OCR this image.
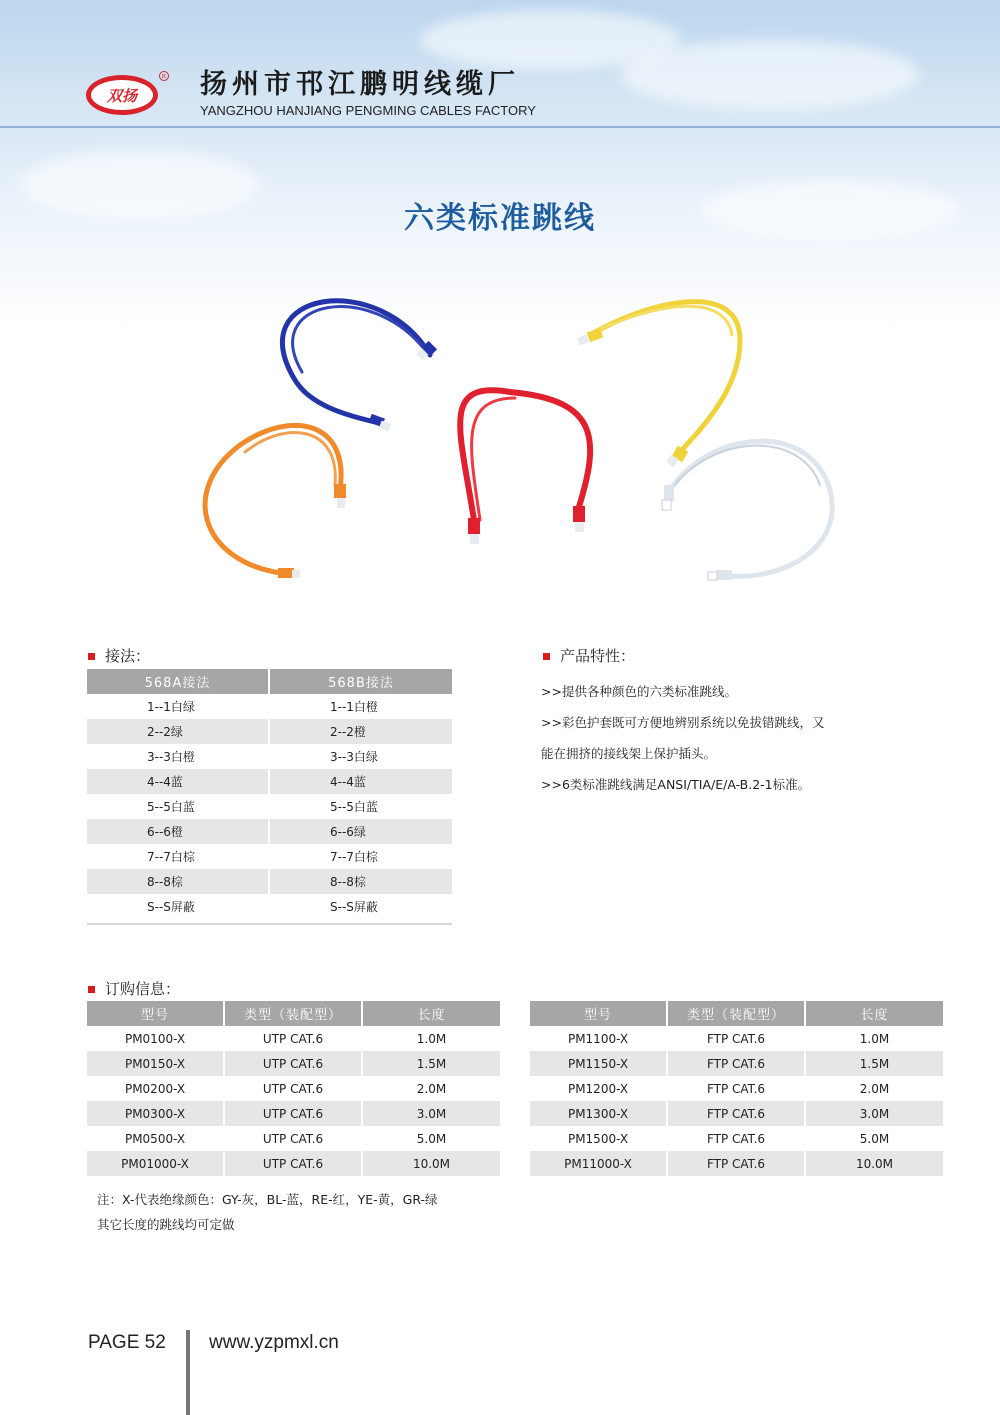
双扬
R 扬州市邗江鹏明线缆厂
YANGZHOU HANJIANG PENGMING CABLES FACTORY
六类标准跳线
接法：
568A接法	568B接法
1--1白绿	1--1白橙
2--2绿	2--2橙
3--3白橙	3--3白绿
4--4蓝	4--4蓝
5--5白蓝	5--5白蓝
6--6橙	6--6绿
7--7白棕	7--7白棕
8--8棕	8--8棕
S--S屏蔽	S--S屏蔽
产品特性：

>>提供各种颜色的六类标准跳线。

>>彩色护套既可方便地辨别系统以免拔错跳线，又

能在拥挤的接线架上保护插头。

>>6类标准跳线满足ANSI/TIA/E/A-B.2-1标准。

订购信息：
型号	类型（装配型）	长度
PM0100-X	UTP CAT.6	1.0M
PM0150-X	UTP CAT.6	1.5M
PM0200-X	UTP CAT.6	2.0M
PM0300-X	UTP CAT.6	3.0M
PM0500-X	UTP CAT.6	5.0M
PM01000-X	UTP CAT.6	10.0M
型号	类型（装配型）	长度
PM1100-X	FTP CAT.6	1.0M
PM1150-X	FTP CAT.6	1.5M
PM1200-X	FTP CAT.6	2.0M
PM1300-X	FTP CAT.6	3.0M
PM1500-X	FTP CAT.6	5.0M
PM11000-X	FTP CAT.6	10.0M
注：X-代表绝缘颜色：GY-灰，BL-蓝，RE-红，YE-黄，GR-绿
其它长度的跳线均可定做
PAGE 52 www.yzpmxl.cn
